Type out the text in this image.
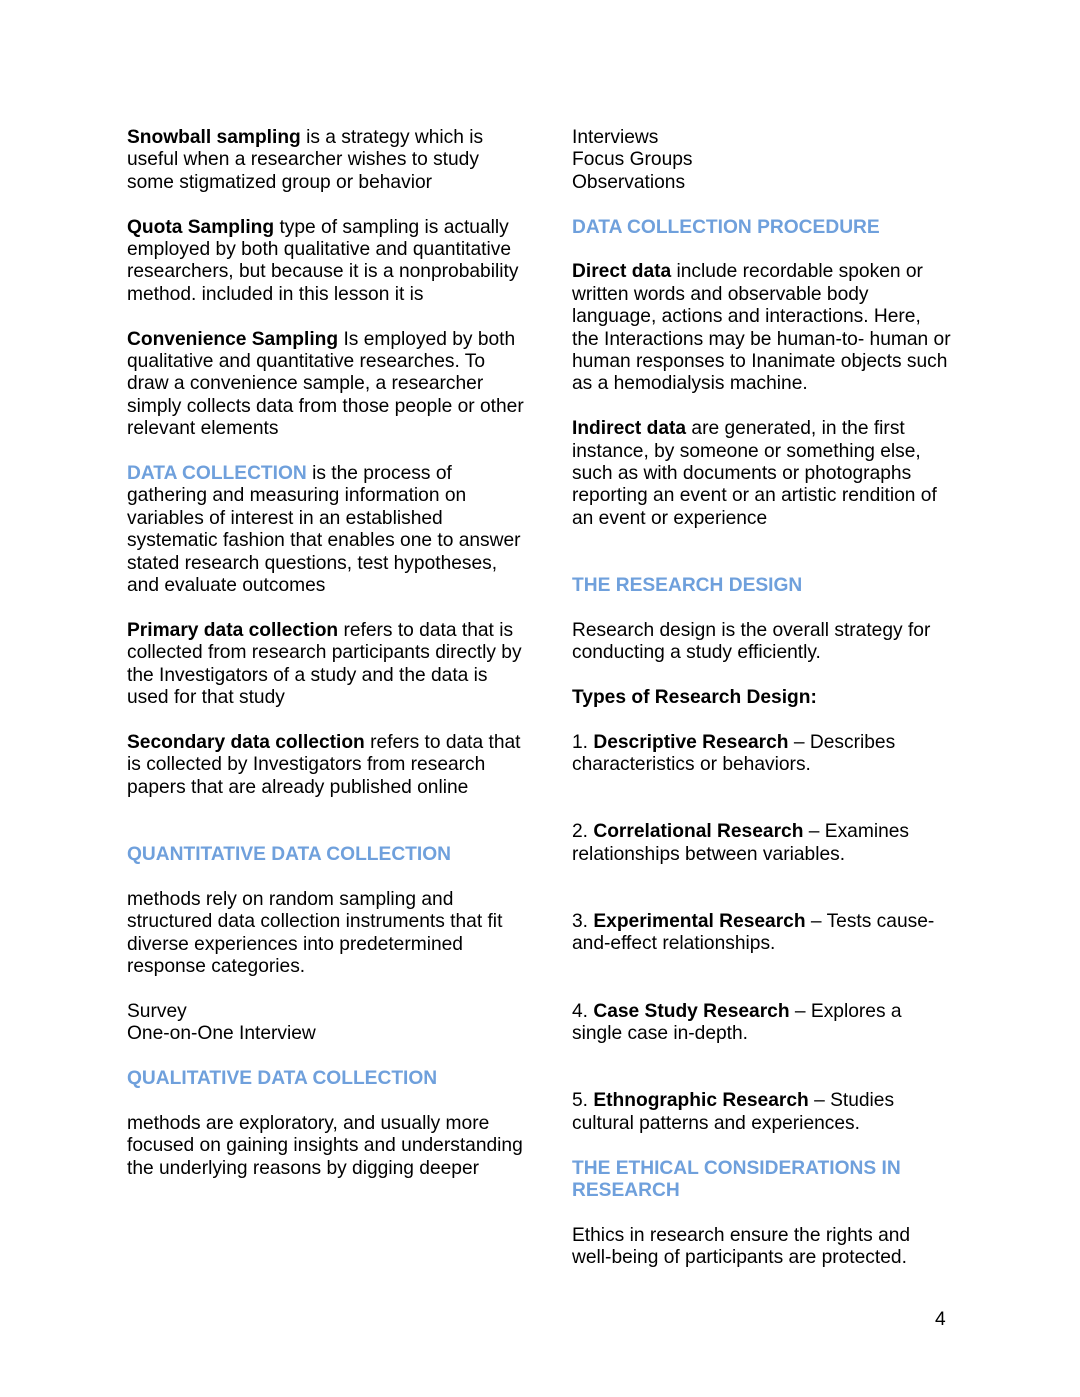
Snowball sampling is a strategy which is useful when a researcher wishes to study some stigmatized group or behavior

Quota Sampling type of sampling is actually employed by both qualitative and quantitative researchers, but because it is a nonprobability method. included in this lesson it is

Convenience Sampling Is employed by both qualitative and quantitative researches. To draw a convenience sample, a researcher simply collects data from those people or other relevant elements

DATA COLLECTION is the process of gathering and measuring information on variables of interest in an established systematic fashion that enables one to answer stated research questions, test hypotheses, and evaluate outcomes

Primary data collection refers to data that is collected from research participants directly by the Investigators of a study and the data is used for that study

Secondary data collection refers to data that is collected by Investigators from research papers that are already published online

QUANTITATIVE DATA COLLECTION

methods rely on random sampling and structured data collection instruments that fit diverse experiences into predetermined response categories.

Survey
One-on-One Interview

QUALITATIVE DATA COLLECTION

methods are exploratory, and usually more focused on gaining insights and understanding the underlying reasons by digging deeper

Interviews
Focus Groups
Observations

DATA COLLECTION PROCEDURE

Direct data include recordable spoken or written words and observable body language, actions and interactions. Here, the Interactions may be human-to- human or human responses to Inanimate objects such as a hemodialysis machine.

Indirect data are generated, in the first instance, by someone or something else, such as with documents or photographs reporting an event or an artistic rendition of an event or experience

THE RESEARCH DESIGN

Research design is the overall strategy for conducting a study efficiently.

Types of Research Design:

1. Descriptive Research – Describes characteristics or behaviors.

2. Correlational Research – Examines relationships between variables.

3. Experimental Research – Tests cause-and-effect relationships.

4. Case Study Research – Explores a single case in-depth.

5. Ethnographic Research – Studies cultural patterns and experiences.

THE ETHICAL CONSIDERATIONS IN RESEARCH

Ethics in research ensure the rights and well-being of participants are protected.

4
